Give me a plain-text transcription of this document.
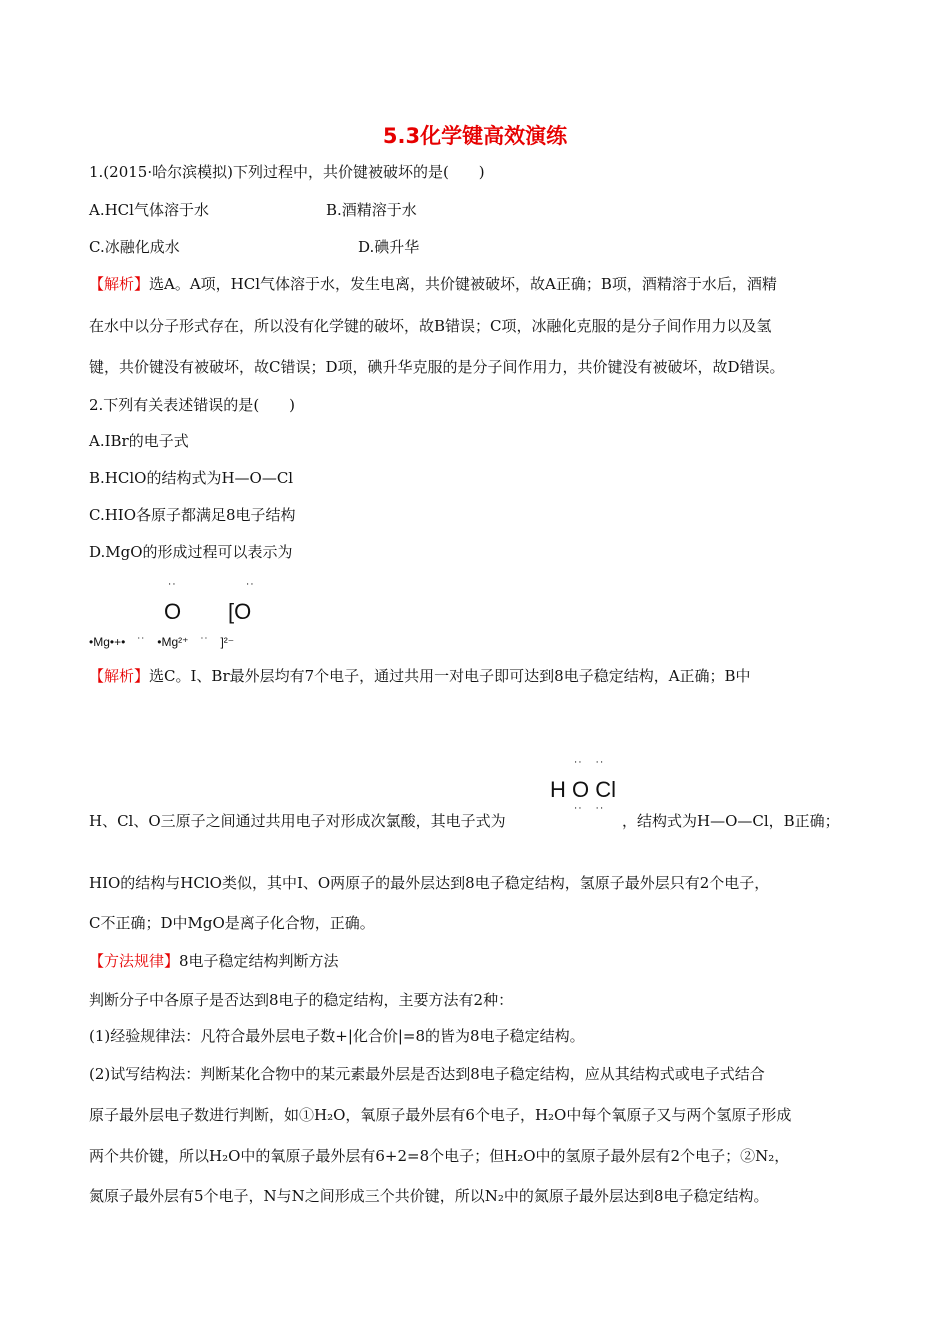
5.3化学键高效演练
1.(2015·哈尔滨模拟)下列过程中，共价键被破坏的是(　　)
A.HCl气体溶于水	B.酒精溶于水
C.冰融化成水	D.碘升华
【解析】选A。A项，HCl气体溶于水，发生电离，共价键被破坏，故A正确；B项，酒精溶于水后，酒精
在水中以分子形式存在，所以没有化学键的破坏，故B错误；C项，冰融化克服的是分子间作用力以及氢
键，共价键没有被破坏，故C错误；D项，碘升华克服的是分子间作用力，共价键没有被破坏，故D错误。
2.下列有关表述错误的是(　　)
A.IBr的电子式
B.HClO的结构式为H—O—Cl
C.HIO各原子都满足8电子结构
D.MgO的形成过程可以表示为
˙˙	˙˙
O [O
•Mg•+•　˙˙　•Mg²⁺　˙˙　]²⁻
【解析】选C。I、Br最外层均有7个电子，通过共用一对电子即可达到8电子稳定结构，A正确；B中
˙˙　˙˙
H O Cl
H、Cl、O三原子之间通过共用电子对形成次氯酸，其电子式为	˙˙　˙˙ ，结构式为H—O—Cl，B正确；
HIO的结构与HClO类似，其中I、O两原子的最外层达到8电子稳定结构，氢原子最外层只有2个电子，
C不正确；D中MgO是离子化合物，正确。
【方法规律】8电子稳定结构判断方法
判断分子中各原子是否达到8电子的稳定结构，主要方法有2种：
(1)经验规律法：凡符合最外层电子数+|化合价|=8的皆为8电子稳定结构。
(2)试写结构法：判断某化合物中的某元素最外层是否达到8电子稳定结构，应从其结构式或电子式结合
原子最外层电子数进行判断，如①H₂O，氧原子最外层有6个电子，H₂O中每个氧原子又与两个氢原子形成
两个共价键，所以H₂O中的氧原子最外层有6+2=8个电子；但H₂O中的氢原子最外层有2个电子；②N₂，
氮原子最外层有5个电子，N与N之间形成三个共价键，所以N₂中的氮原子最外层达到8电子稳定结构。
